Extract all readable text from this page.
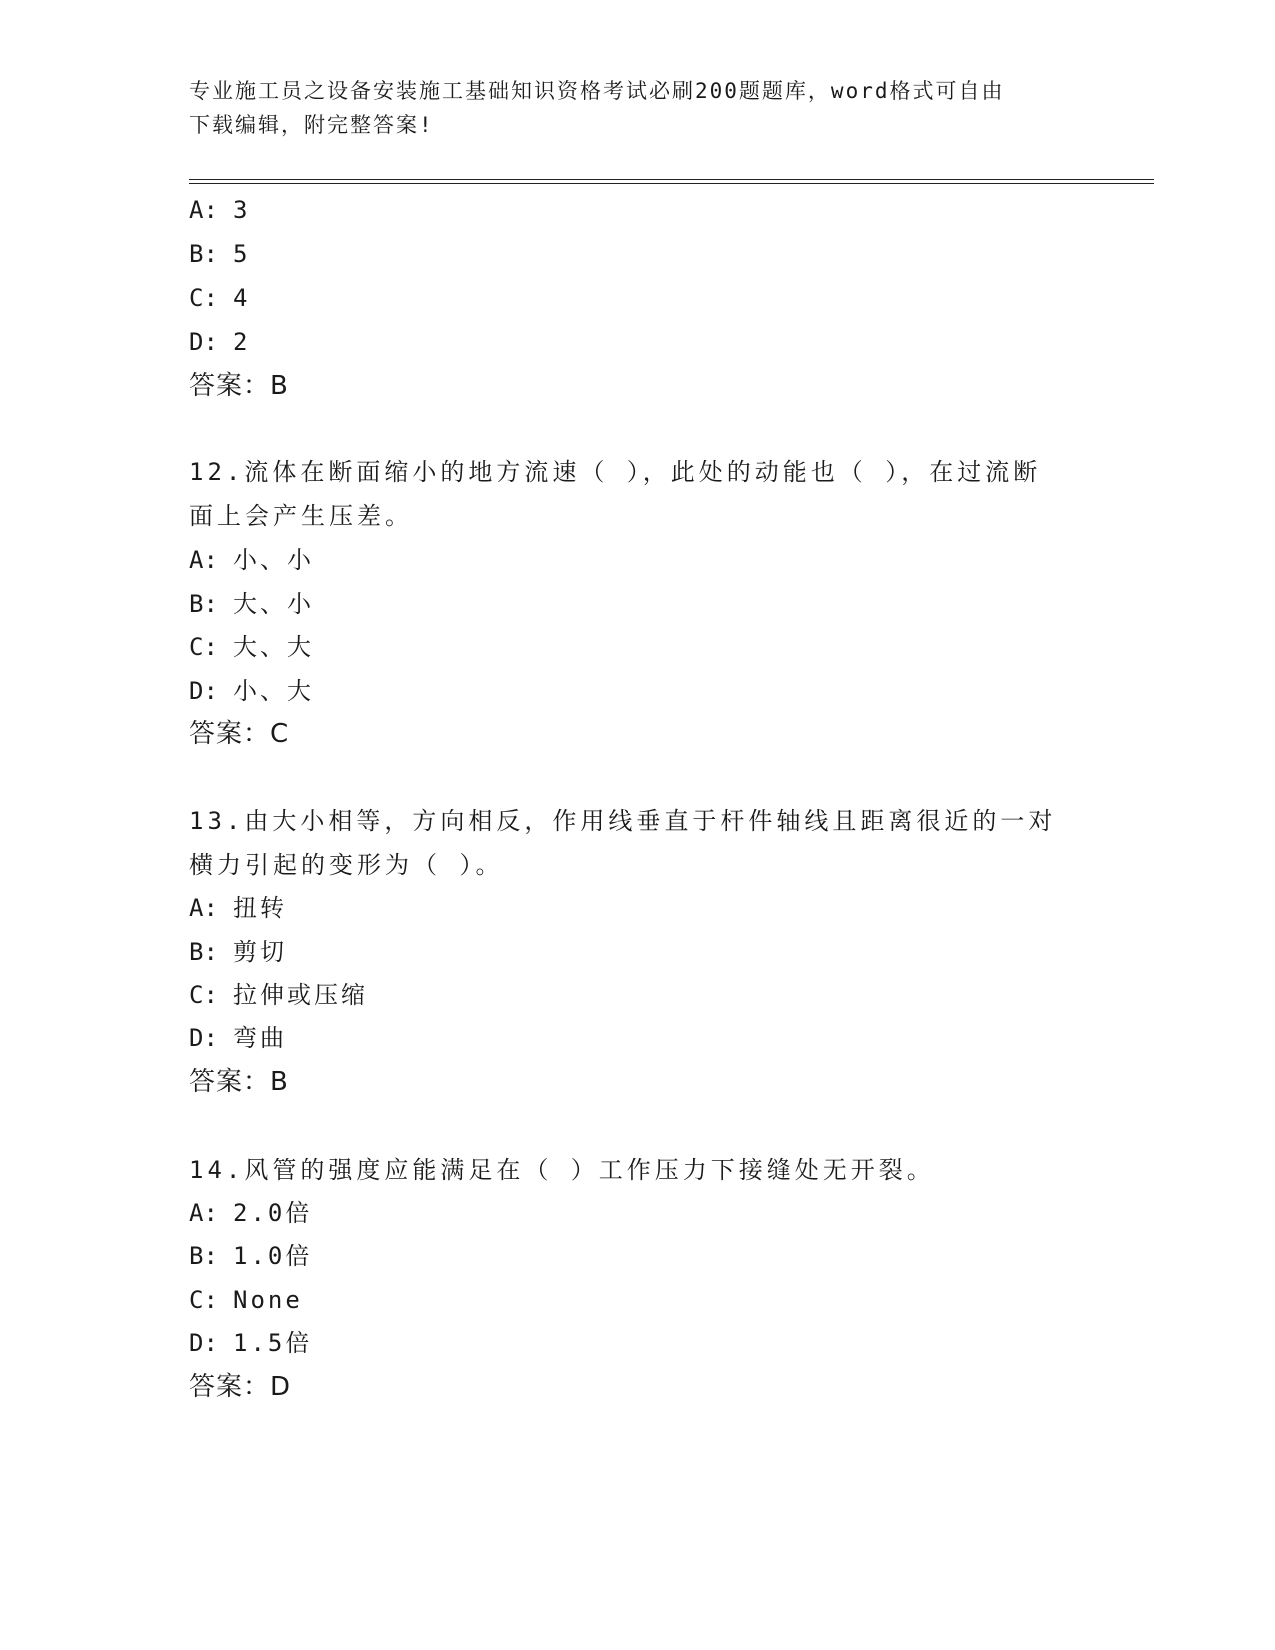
专业施工员之设备安装施工基础知识资格考试必刷200题题库，word格式可自由
下载编辑，附完整答案!
A: 3
B: 5
C: 4
D: 2
答案：B
12.流体在断面缩小的地方流速（ ），此处的动能也（ ），在过流断
面上会产生压差。
A: 小、小
B: 大、小
C: 大、大
D: 小、大
答案：C
13.由大小相等，方向相反，作用线垂直于杆件轴线且距离很近的一对
横力引起的变形为（ ）。
A: 扭转
B: 剪切
C: 拉伸或压缩
D: 弯曲
答案：B
14.风管的强度应能满足在（ ）工作压力下接缝处无开裂。
A: 2.0倍
B: 1.0倍
C: None
D: 1.5倍
答案：D
